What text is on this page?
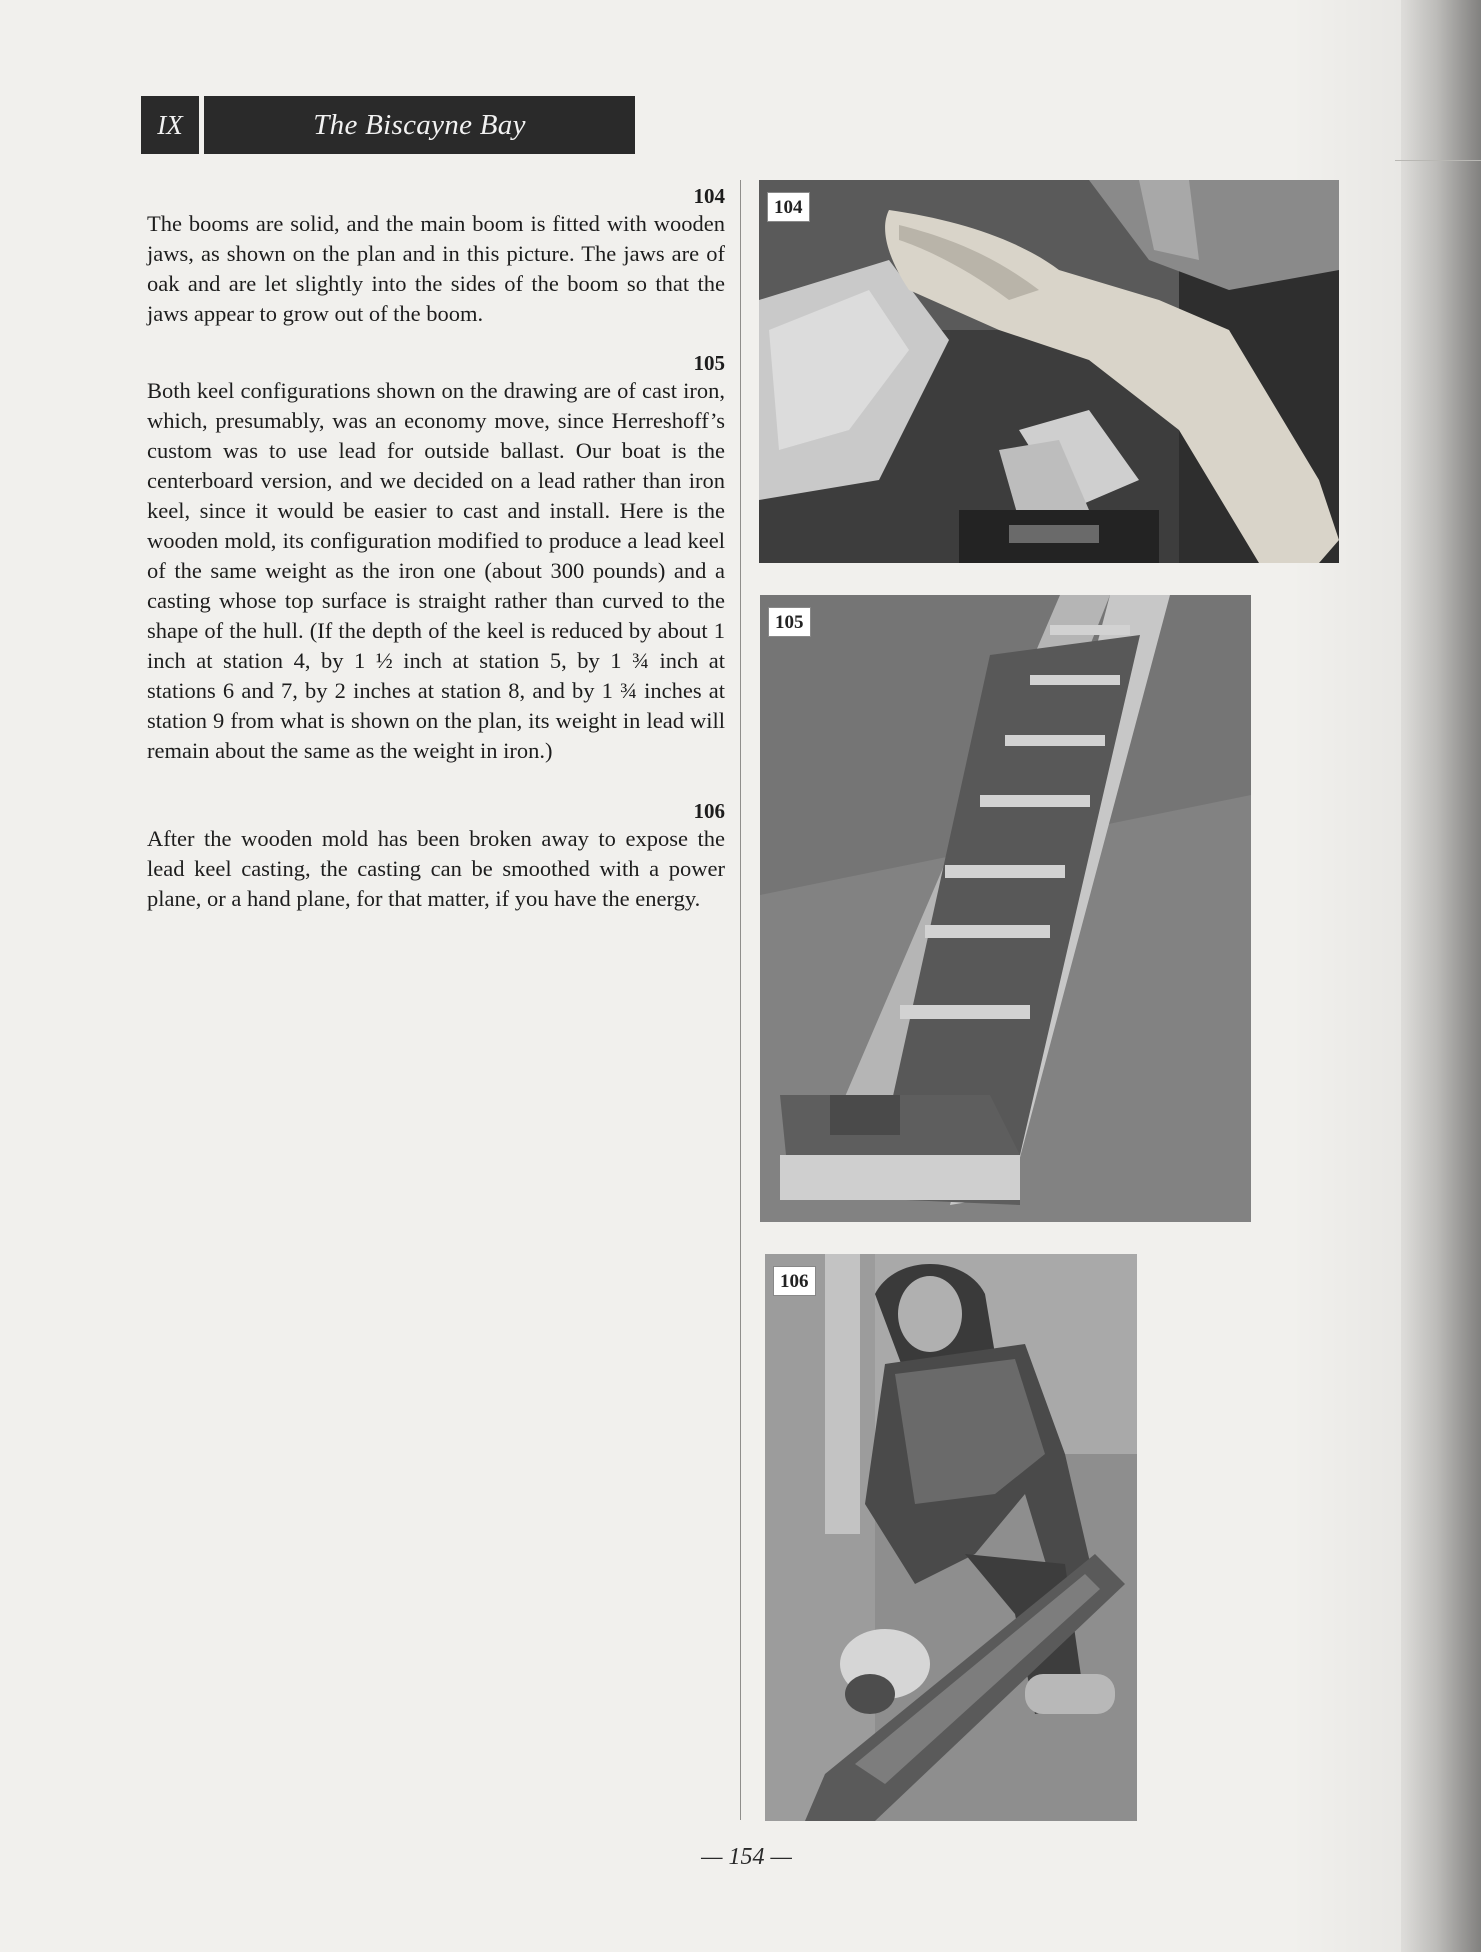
IX	The Biscayne Bay
104
The booms are solid, and the main boom is fitted with wooden jaws, as shown on the plan and in this picture. The jaws are of oak and are let slightly into the sides of the boom so that the jaws appear to grow out of the boom.
105
Both keel configurations shown on the drawing are of cast iron, which, presumably, was an economy move, since Herreshoff’s custom was to use lead for outside ballast. Our boat is the centerboard version, and we decided on a lead rather than iron keel, since it would be easier to cast and install. Here is the wooden mold, its configuration modified to produce a lead keel of the same weight as the iron one (about 300 pounds) and a casting whose top surface is straight rather than curved to the shape of the hull. (If the depth of the keel is reduced by about 1 inch at station 4, by 1 ½ inch at station 5, by 1 ¾ inch at stations 6 and 7, by 2 inches at station 8, and by 1 ¾ inches at station 9 from what is shown on the plan, its weight in lead will remain about the same as the weight in iron.)
106
After the wooden mold has been broken away to expose the lead keel casting, the casting can be smoothed with a power plane, or a hand plane, for that matter, if you have the energy.
104
105
106
— 154 —
